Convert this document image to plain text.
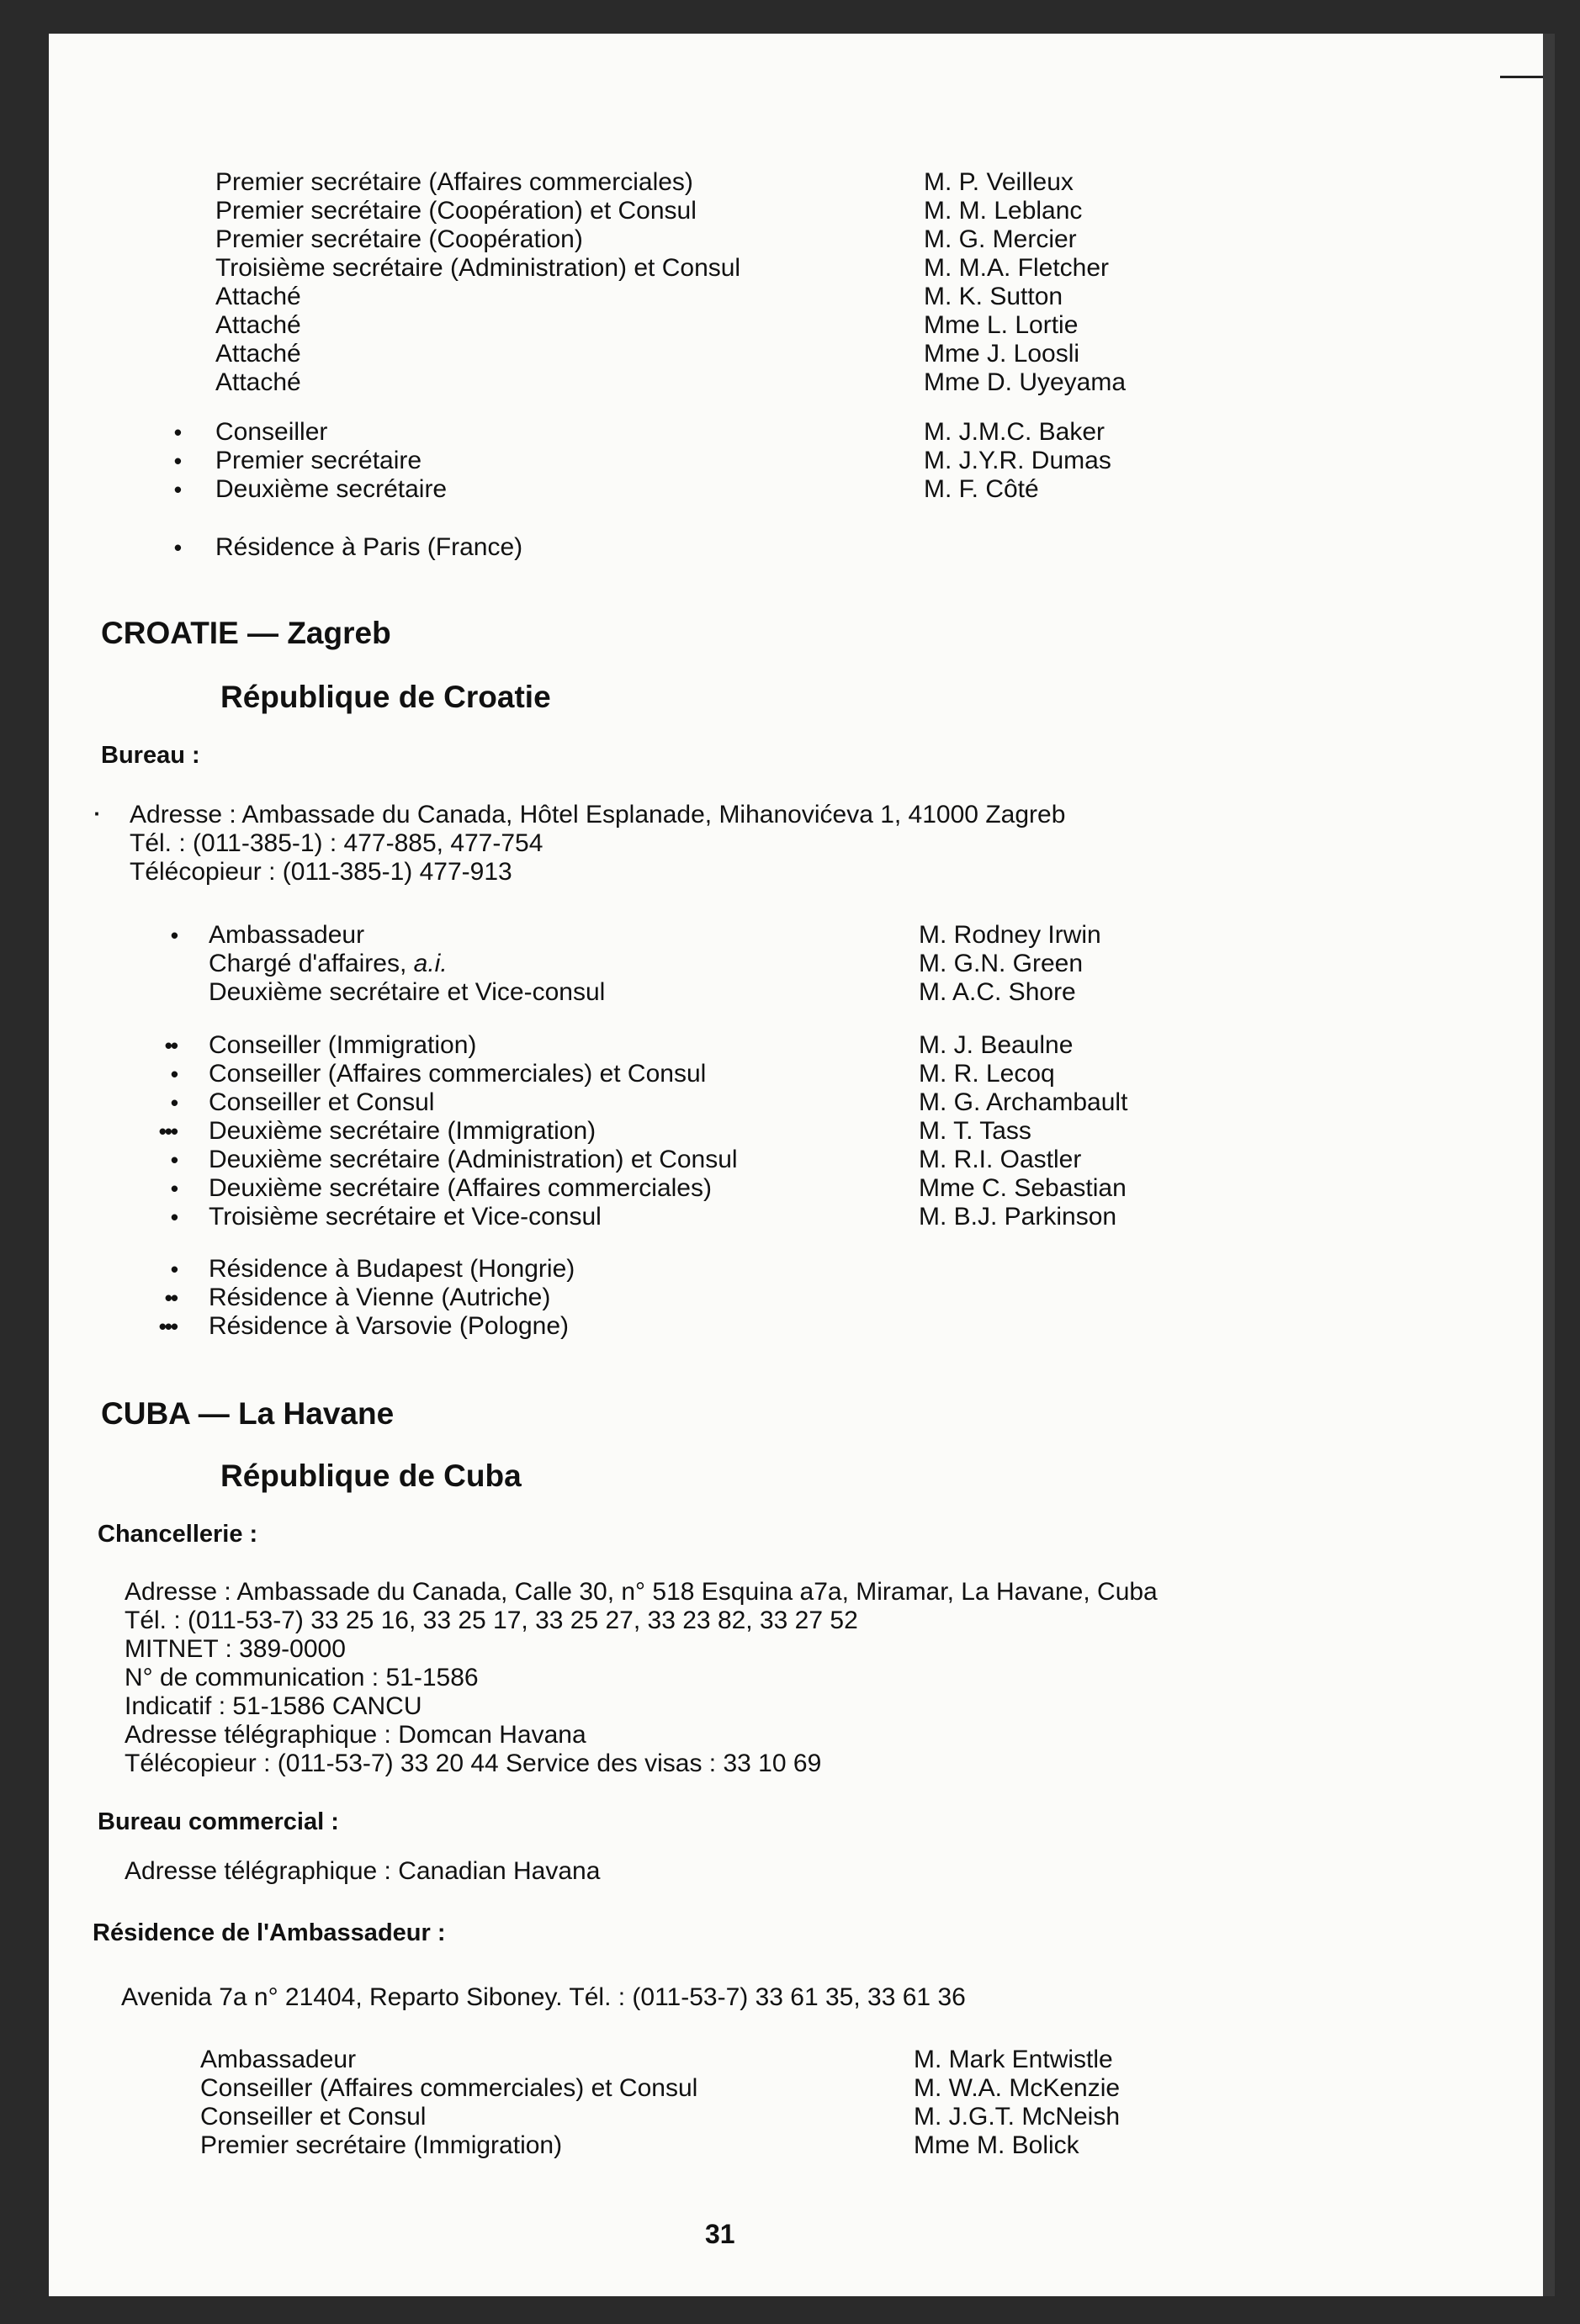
Premier secrétaire (Affaires commerciales)	M. P. Veilleux
Premier secrétaire (Coopération) et Consul	M. M. Leblanc
Premier secrétaire (Coopération)	M. G. Mercier
Troisième secrétaire (Administration) et Consul	M. M.A. Fletcher
Attaché	M. K. Sutton
Attaché	Mme L. Lortie
Attaché	Mme J. Loosli
Attaché	Mme D. Uyeyama
• Conseiller	M. J.M.C. Baker
• Premier secrétaire	M. J.Y.R. Dumas
• Deuxième secrétaire	M. F. Côté
• Résidence à Paris (France)
CROATIE — Zagreb
République de Croatie
Bureau :
· Adresse : Ambassade du Canada, Hôtel Esplanade, Mihanovićeva 1, 41000 Zagreb
Tél. : (011-385-1) : 477-885, 477-754
Télécopieur : (011-385-1) 477-913
• Ambassadeur	M. Rodney Irwin
Chargé d'affaires, a.i.	M. G.N. Green
Deuxième secrétaire et Vice-consul	M. A.C. Shore
•• Conseiller (Immigration)	M. J. Beaulne
• Conseiller (Affaires commerciales) et Consul	M. R. Lecoq
• Conseiller et Consul	M. G. Archambault
••• Deuxième secrétaire (Immigration)	M. T. Tass
• Deuxième secrétaire (Administration) et Consul	M. R.I. Oastler
• Deuxième secrétaire (Affaires commerciales)	Mme C. Sebastian
• Troisième secrétaire et Vice-consul	M. B.J. Parkinson
• Résidence à Budapest (Hongrie)
•• Résidence à Vienne (Autriche)
••• Résidence à Varsovie (Pologne)
CUBA — La Havane
République de Cuba
Chancellerie :
Adresse : Ambassade du Canada, Calle 30, n° 518 Esquina a7a, Miramar, La Havane, Cuba
Tél. : (011-53-7) 33 25 16, 33 25 17, 33 25 27, 33 23 82, 33 27 52
MITNET : 389-0000
N° de communication : 51-1586
Indicatif : 51-1586 CANCU
Adresse télégraphique : Domcan Havana
Télécopieur : (011-53-7) 33 20 44 Service des visas : 33 10 69
Bureau commercial :
Adresse télégraphique : Canadian Havana
Résidence de l'Ambassadeur :
Avenida 7a n° 21404, Reparto Siboney. Tél. : (011-53-7) 33 61 35, 33 61 36
Ambassadeur	M. Mark Entwistle
Conseiller (Affaires commerciales) et Consul	M. W.A. McKenzie
Conseiller et Consul	M. J.G.T. McNeish
Premier secrétaire (Immigration)	Mme M. Bolick
31
